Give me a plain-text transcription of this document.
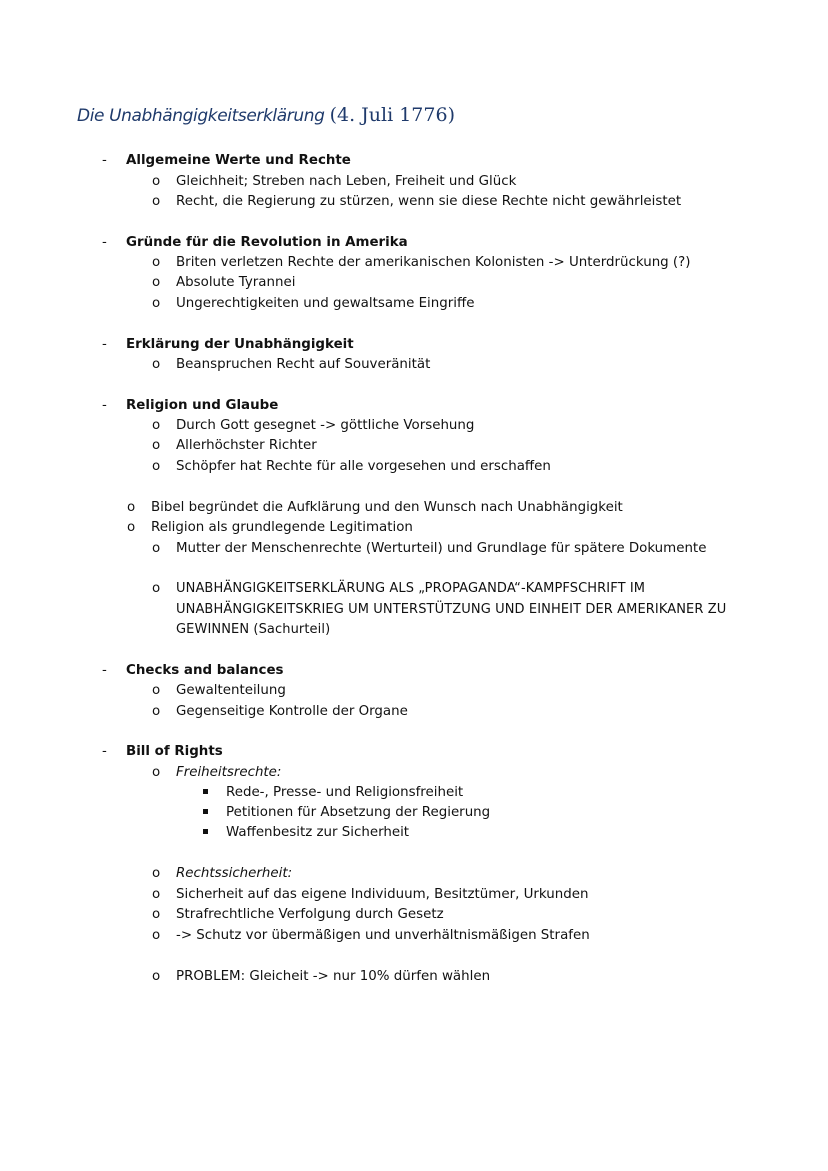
Die Unabhängigkeitserklärung (4. Juli 1776)
- Allgemeine Werte und Rechte
o Gleichheit; Streben nach Leben, Freiheit und Glück
o Recht, die Regierung zu stürzen, wenn sie diese Rechte nicht gewährleistet
- Gründe für die Revolution in Amerika
o Briten verletzen Rechte der amerikanischen Kolonisten -> Unterdrückung (?)
o Absolute Tyrannei
o Ungerechtigkeiten und gewaltsame Eingriffe
- Erklärung der Unabhängigkeit
o Beanspruchen Recht auf Souveränität
- Religion und Glaube
o Durch Gott gesegnet -> göttliche Vorsehung
o Allerhöchster Richter
o Schöpfer hat Rechte für alle vorgesehen und erschaffen
o Bibel begründet die Aufklärung und den Wunsch nach Unabhängigkeit
o Religion als grundlegende Legitimation
o Mutter der Menschenrechte (Werturteil) und Grundlage für spätere Dokumente
o UNABHÄNGIGKEITSERKLÄRUNG ALS „PROPAGANDA“-KAMPFSCHRIFT IM
UNABHÄNGIGKEITSKRIEG UM UNTERSTÜTZUNG UND EINHEIT DER AMERIKANER ZU
GEWINNEN (Sachurteil)
- Checks and balances
o Gewaltenteilung
o Gegenseitige Kontrolle der Organe
- Bill of Rights
o Freiheitsrechte:
Rede-, Presse- und Religionsfreiheit
Petitionen für Absetzung der Regierung
Waffenbesitz zur Sicherheit
o Rechtssicherheit:
o Sicherheit auf das eigene Individuum, Besitztümer, Urkunden
o Strafrechtliche Verfolgung durch Gesetz
o -> Schutz vor übermäßigen und unverhältnismäßigen Strafen
o PROBLEM: Gleicheit -> nur 10% dürfen wählen
